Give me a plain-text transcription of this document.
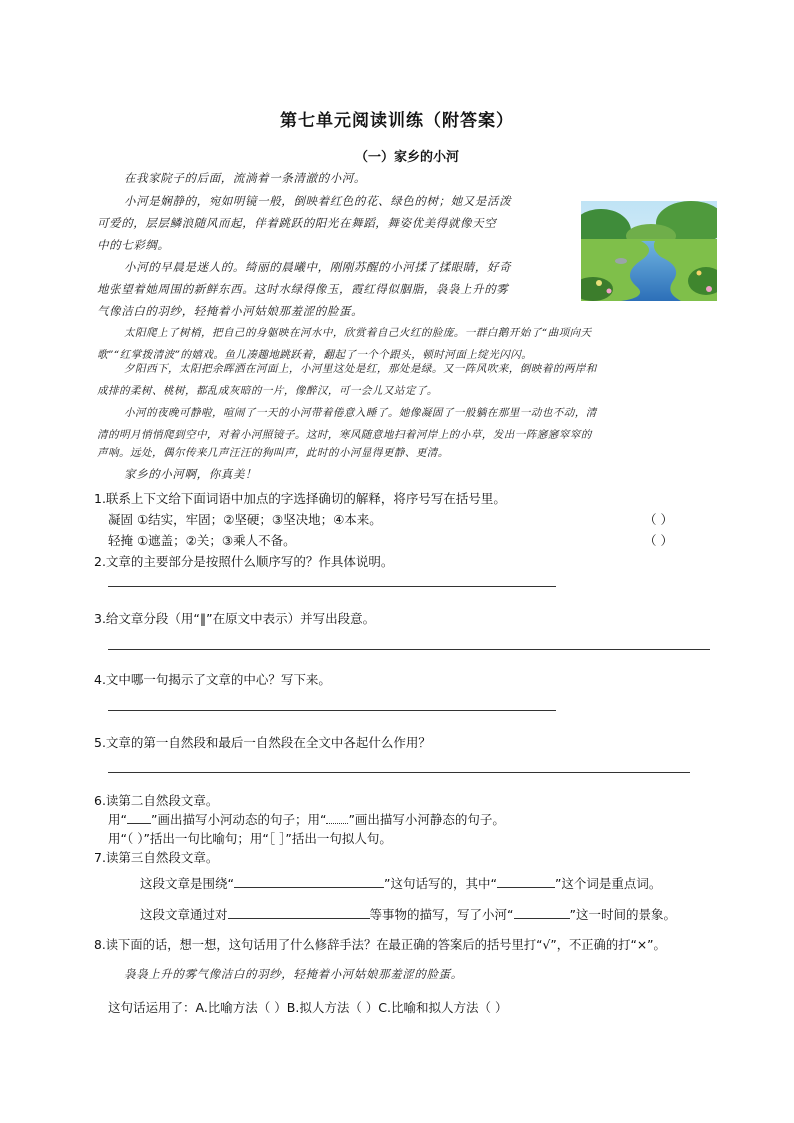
第七单元阅读训练（附答案）
（一）家乡的小河
在我家院子的后面，流淌着一条清澈的小河。
小河是娴静的，宛如明镜一般，倒映着红色的花、绿色的树；她又是活泼
可爱的，层层鳞浪随风而起，伴着跳跃的阳光在舞蹈，舞姿优美得就像天空
中的七彩绸。
小河的早晨是迷人的。绮丽的晨曦中，刚刚苏醒的小河揉了揉眼睛，好奇
地张望着她周围的新鲜东西。这时水绿得像玉，霞红得似胭脂，袅袅上升的雾
气像洁白的羽纱，轻掩着小河姑娘那羞涩的脸蛋。
太阳爬上了树梢，把自己的身躯映在河水中，欣赏着自己火红的脸庞。一群白鹅开始了“曲项向天
歌”“红掌拨清波”的嬉戏。鱼儿凑趣地跳跃着，翻起了一个个跟头，顿时河面上绽光闪闪。
夕阳西下，太阳把余晖洒在河面上，小河里这处是红，那处是绿。又一阵风吹来，倒映着的两岸和
成排的柔树、桃树，都乱成灰暗的一片，像醉汉，可一会儿又站定了。
小河的夜晚可静啦，喧闹了一天的小河带着倦意入睡了。她像凝固了一般躺在那里一动也不动，清
清的明月悄悄爬到空中，对着小河照镜子。这时，寒风随意地扫着河岸上的小草，发出一阵窸窸窣窣的
声响。远处，偶尔传来几声汪汪的狗叫声，此时的小河显得更静、更清。
家乡的小河啊，你真美！
1.联系上下文给下面词语中加点的字选择确切的解释，将序号写在括号里。
凝固 ①结实，牢固；②坚硬；③坚决地；④本来。	（ ）
轻掩 ①遮盖；②关；③乘人不备。	（ ）
2.文章的主要部分是按照什么顺序写的？作具体说明。
3.给文章分段（用“‖”在原文中表示）并写出段意。
4.文中哪一句揭示了文章的中心？写下来。
5.文章的第一自然段和最后一自然段在全文中各起什么作用？
6.读第二自然段文章。
用“ ”画出描写小河动态的句子；用“ ”画出描写小河静态的句子。
用“（ ）”括出一句比喻句；用“［ ］”括出一句拟人句。
7.读第三自然段文章。
这段文章是围绕“	”这句话写的，其中“	”这个词是重点词。
这段文章通过对	等事物的描写，写了小河“	”这一时间的景象。
8.读下面的话，想一想，这句话用了什么修辞手法？在最正确的答案后的括号里打“√”，不正确的打“×”。
袅袅上升的雾气像洁白的羽纱，轻掩着小河姑娘那羞涩的脸蛋。
这句话运用了：A.比喻方法（ ）B.拟人方法（ ）C.比喻和拟人方法（ ）
